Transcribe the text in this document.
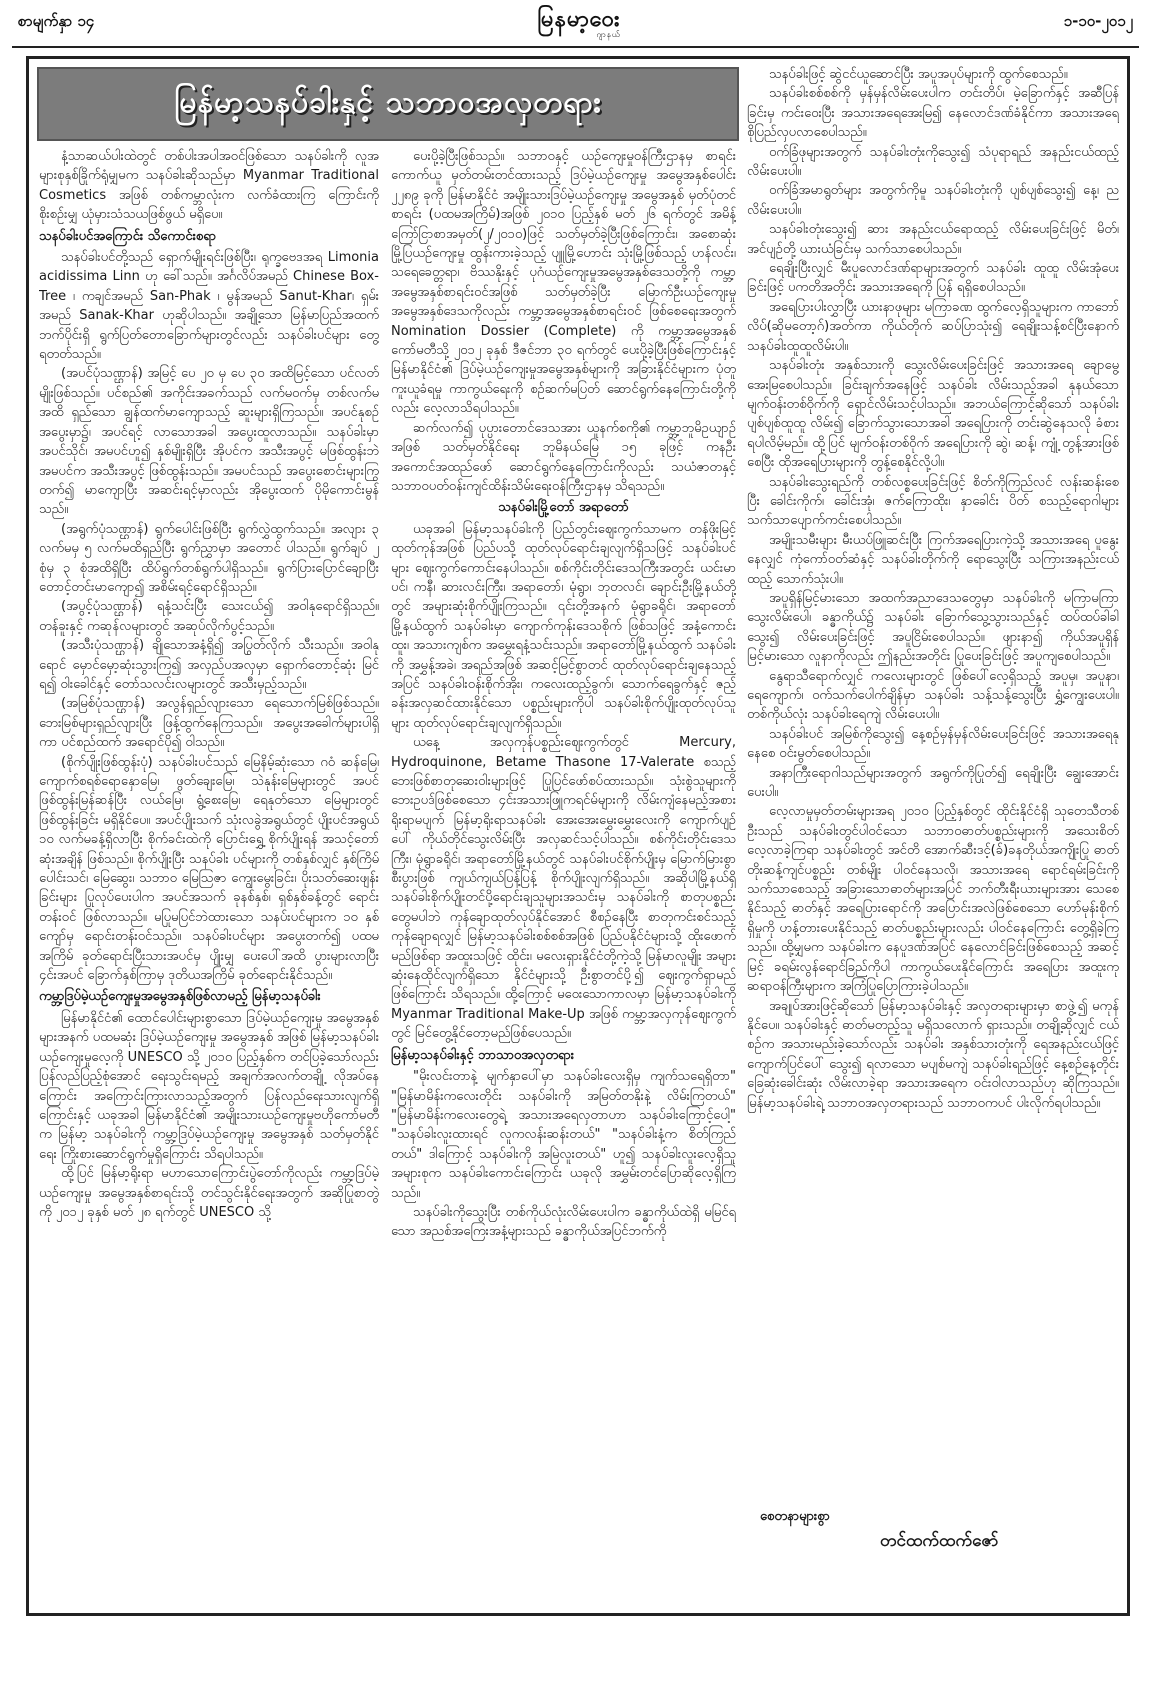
စာမျက်နှာ ၁၄	မြနမာ့ဝေး
ဂျာနယ်
၁-၁၀-၂၀၁၂
မြန်မာ့သနပ်ခါးနှင့် သဘာဝအလှတရား

နံ့သာဆယ်ပါးထဲတွင် တစ်ပါးအပါအဝင်ဖြစ်သော သနပ်ခါးကို လူအများစုနှစ်ခြိုက်ရုံမျှမက သနပ်ခါးဆိုသည်မှာ Myanmar Traditional Cosmetics အဖြစ် တစ်ကမ္ဘာလုံးက လက်ခံထားကြ ကြောင်းကို စိုးစဉ်းမျှ ယုံမှားသံသယဖြစ်ဖွယ် မရှိပေ။

သနပ်ခါးပင်အကြောင်း သိကောင်းစရာ

သနပ်ခါးပင်တို့သည် ရှောက်မျိုးရင်းဖြစ်ပြီး၊ ရုက္ခဗေဒအရ Limonia acidissima Linn ဟု ခေါ်သည်။ အင်္ဂလိပ်အမည် Chinese Box-Tree ၊ ကချင်အမည် San-Phak ၊ မွန်အမည် Sanut-Khar၊ ရှမ်းအမည် Sanak-Khar ဟုဆိုပါသည်။ အချို့သော မြန်မာပြည်အထက်ဘက်ပိုင်းရှိ ရွက်ပြတ်တောခြောက်များတွင်လည်း သနပ်ခါးပင်များ တွေ့ရတတ်သည်။

(အပင်ပုံသဏ္ဌာန်) အမြင့် ပေ ၂၀ မှ ပေ ၃၀ အထိမြင့်သော ပင်လတ်မျိုးဖြစ်သည်။ ပင်စည်၏ အကိုင်းအခက်သည် လက်မဝက်မှ တစ်လက်မအထိ ရှည်သော ချွန်ထက်မာကျောသည့် ဆူးများရှိကြသည်။ အပင်နုစဉ် အပွေးမှာ၌၊ အပင်ရင့် လာသောအခါ အပွေးထူလာသည်။ သနပ်ခါးမှာ အပင်သိုင်၊ အမပင်ဟူ၍ နှစ်မျိုးရှိပြီး အိုပင်က အသီးအပွင့် မဖြစ်ထွန်းဘဲ အမပင်က အသီးအပွင့် ဖြစ်ထွန်းသည်။ အမပင်သည် အပွေးစောင်းများကြွတက်၍ မာကျောပြီး အဆင်းရင့်မှာလည်း အိုပွေးထက် ပိုမိုကောင်းမွန်သည်။

(အရွက်ပုံသဏ္ဌာန်) ရွက်ပေါင်းဖြစ်ပြီး ရွက်လွှဲထွက်သည်။ အလျား ၃ လက်မမှ ၅ လက်မထိရှည်ပြီး ရွက်ညွှာမှာ အတောင် ပါသည်။ ရွက်ချပ် ၂ စုံမှ ၃ စုံအထိရှိပြီး ထိပ်ရွက်တစ်ရွက်ပါရှိသည်။ ရွက်ပြားပြောင်ချောပြီး တောင့်တင်းမာကျော၍ အစိမ်းရင့်ရောင်ရှိသည်။

(အပွင့်ပုံသဏ္ဌာန်) ရနံ့သင်းပြီး သေးငယ်၍ အဝါနုရောင်ရှိသည်။ တန်ခူးနှင့် ကဆုန်လများတွင် အဆုပ်လိုက်ပွင့်သည်။

(အသီးပုံသဏ္ဌာန်) ချိုသောအနံ့ရှိ၍ အပြွတ်လိုက် သီးသည်။ အဝါနုရောင် မှောင်မှော့ဆုံးသွားကြ၍ အလှည်ပအလှမှာ ရှောက်တောင့်ဆုံး မြင်ရ၍ ဝါးခေါင်နှင့် တော်သလင်းလများတွင် အသီးမှည့်သည်။

(အမြစ်ပုံသဏ္ဌာန်) အလွန်ရှည်လျားသော ရေသောက်မြစ်ဖြစ်သည်။ ဘေးမြစ်များရှည်လျားပြီး ဖြန့်ထွက်နေကြသည်။ အပွေးအခေါက်များပါရှိကာ ပင်စည်ထက် အရောင်ပို၍ ဝါသည်။

(စိုက်ပျိုးဖြစ်ထွန်းပုံ) သနပ်ခါးပင်သည် မြေနိမ့်ဆုံးသော ဂဝံ ဆန်မြေ၊ ကျောက်စရစ်ရောနှောမြေ၊ ဖွတ်ချေးမြေ၊ သဲနုန်းမြေများတွင် အပင်ဖြစ်ထွန်းမြန်ဆန်ပြီး လယ်မြေ၊ ရွံ့စေးမြေ၊ ရေနုတ်သော မြေများတွင် ဖြစ်ထွန်းခြင်း မရှိနိုင်ပေ။ အပင်ပျိုးသက် သုံးလခွဲအရွယ်တွင် ပျိုးပင်အရွယ် ၁၀ လက်မခန့်ရှိလာပြီး စိုက်ခင်းထဲကို ပြောင်းရွှေ့ စိုက်ပျိုးရန် အသင့်တော်ဆုံးအချိန် ဖြစ်သည်။ စိုက်ပျိုးပြီး သနပ်ခါး ပင်များကို တစ်နှစ်လျှင် နှစ်ကြိမ် ပေါင်းသင်၊ မြေဆွေး၊ သဘာဝ မြေသြဇာ ကျွေးမွေးခြင်း၊ ပိုးသတ်ဆေးဖျန်းခြင်းများ ပြုလုပ်ပေးပါက အပင်အသက် ခုနစ်နှစ်၊ ရှစ်နှစ်ခန့်တွင် ရောင်းတန်းဝင် ဖြစ်လာသည်။ မပြုမပြင်ဘဲထားသော သနပ်းပင်များက ၁၀ နှစ်ကျော်မှ ရောင်းတန်းဝင်သည်။ သနပ်ခါးပင်များ အပွေးတက်၍ ပထမအကြိမ် ခုတ်ရောင်းပြီးသားအပင်မှ ပျိုးမျှ ပေးပေါ်အထိ ပွားများလာပြီး ၄င်းအပင် ခြောက်နှစ်ကြာမှ ဒုတိယအကြိမ် ခုတ်ရောင်းနိုင်သည်။

ကမ္ဘာ့ဒြပ်မဲ့ယဉ်ကျေးမှုအမွေအနှစ်ဖြစ်လာမည့် မြန်မာ့သနပ်ခါး

မြန်မာနိုင်ငံ၏ ထောင်ပေါင်းများစွာသော ဒြပ်မဲ့ယဉ်ကျေးမှု အမွေအနှစ်များအနက် ပထမဆုံး ဒြပ်မဲ့ယဉ်ကျေးမှု အမွေအနှစ် အဖြစ် မြန်မာ့သနပ်ခါး ယဉ်ကျေးမှုလေ့ကို UNESCO သို့ ၂၀၁၀ ပြည့်နှစ်က တင်ပြခဲ့သော်လည်း ပြန်လည်ပြည့်စုံအောင် ရေးသွင်းရမည့် အချက်အလက်တချို့ လိုအပ်နေကြောင်း အကြောင်းကြားလာသည့်အတွက် ပြန်လည်ရေးသားလျက်ရှိကြောင်းနှင့် ယခုအခါ မြန်မာနိုင်ငံ၏ အမျိုးသားယဉ်ကျေးမှုဗဟိုကော်မတီက မြန်မာ့ သနပ်ခါးကို ကမ္ဘာ့ဒြပ်မဲ့ယဉ်ကျေးမှု အမွေအနှစ် သတ်မှတ်နိုင်ရေး ကြိုးစားဆောင်ရွက်မှုရှိကြောင်း သိရပါသည်။

ထို့ပြင် မြန်မာ့ရိုးရာ မဟာသောကြောင်းပွဲတော်ကိုလည်း ကမ္ဘာ့ဒြပ်မဲ့ယဉ်ကျေးမှု အမွေအနှစ်စာရင်းသို့ တင်သွင်းနိုင်ရေးအတွက် အဆိုပြုစာတွဲကို ၂၀၁၂ ခုနှစ် မတ် ၂၈ ရက်တွင် UNESCO သို့

ပေးပို့ခဲ့ပြီးဖြစ်သည်။ သဘာဝနှင့် ယဉ်ကျေးမှုဝန်ကြီးဌာနမှ စာရင်းကောက်ယူ မှတ်တမ်းတင်ထားသည့် ဒြပ်မဲ့ယဉ်ကျေးမှု အမွေအနှစ်ပေါင်း ၂၂၈၉ ခုကို မြန်မာနိုင်ငံ အမျိုးသားဒြပ်မဲ့ယဉ်ကျေးမှု အမွေအနှစ် မှတ်ပုံတင်စာရင်း (ပထမအကြိမ်)အဖြစ် ၂၀၁၀ ပြည့်နှစ် မတ် ၂၆ ရက်တွင် အမိန့်ကြော်ငြာစာအမှတ်(၂/၂၀၁၀)ဖြင့် သတ်မှတ်ခဲ့ပြီးဖြစ်ကြောင်း၊ အစောဆုံး မြို့ပြယဉ်ကျေးမှု ထွန်းကားခဲ့သည့် ပျူမြို့ဟောင်း သုံးမြို့ဖြစ်သည့် ဟန်လင်း၊ သရေခေတ္တရာ၊ ဗိဿနိုးနှင့် ပုဂံယဉ်ကျေးမှုအမွေအနှစ်ဒေသတို့ကို ကမ္ဘာ့အမွေအနှစ်စာရင်းဝင်အဖြစ် သတ်မှတ်ခဲ့ပြီး မြောက်ဦးယဉ်ကျေးမှု အမွေအနှစ်ဒေသကိုလည်း ကမ္ဘာ့အမွေအနှစ်စာရင်းဝင် ဖြစ်စေရေးအတွက် Nomination Dossier (Complete) ကို ကမ္ဘာ့အမွေအနှစ်ကော်မတီသို့ ၂၀၁၂ ခုနှစ် ဒီဇင်ဘာ ၃၀ ရက်တွင် ပေးပို့ခဲ့ပြီးဖြစ်ကြောင်းနှင့် မြန်မာနိုင်ငံ၏ ဒြပ်မဲ့ယဉ်ကျေးမှုအမွေအနှစ်များကို အခြားနိုင်ငံများက ပုံတူကူးယူခံရမှု ကာကွယ်ရေးကို စဉ်ဆက်မပြတ် ဆောင်ရွက်နေကြောင်းတို့ကိုလည်း လေ့လာသိရပါသည်။

ဆက်လက်၍ ပုပ္ပားတောင်ဒေသအား ယူနက်စကို၏ ကမ္ဘာ့ဘူမိဥယျာဉ်အဖြစ် သတ်မှတ်နိုင်ရေး ဘူမိနယ်မြေ ၁၅ ခုဖြင့် ကနဦးအကောင်အထည်ဖော် ဆောင်ရွက်နေကြောင်းကိုလည်း သယံဇာတနှင့် သဘာဝပတ်ဝန်းကျင်ထိန်းသိမ်းရေးဝန်ကြီးဌာနမှ သိရသည်။

သနပ်ခါးမြို့တော် အရာတော်

ယခုအခါ မြန်မာ့သနပ်ခါးကို ပြည်တွင်းဈေးကွက်သာမက တန်ဖိုးမြင့်ထုတ်ကုန်အဖြစ် ပြည်ပသို့ ထုတ်လုပ်ရောင်းချလျက်ရှိသဖြင့် သနပ်ခါးပင်များ ဈေးကွက်ကောင်းနေပါသည်။ စစ်ကိုင်းတိုင်းဒေသကြီးအတွင်း ယင်းမာပင်၊ ကနီ၊ ဆားလင်းကြီး၊ အရာတော်၊ မုံရွာ၊ ဘုတလင်၊ ချောင်းဦးမြို့နယ်တို့တွင် အများဆုံးစိုက်ပျိုးကြသည်။ ၎င်းတို့အနက် မုံရွာခရိုင်၊ အရာတော်မြို့နယ်ထွက် သနပ်ခါးမှာ ကျောက်ကုန်းဒေသစိုက် ဖြစ်သဖြင့် အနံ့ကောင်း ထူး၊ အသားကျစ်က အမွှေးရနံ့သင်းသည်။ အရာတော်မြို့နယ်ထွက် သနပ်ခါးကို အမွှန့်အခဲ၊ အရည်အဖြစ် အဆင့်မြင့်စွာတင် ထုတ်လုပ်ရောင်းချနေသည့်အပြင် သနပ်ခါးဝန်းစိုက်အိုး၊ ကလေးထည့်ခွက်၊ သောက်ရေခွက်နှင့် ဇည့်ခန်းအလှဆင်ထားနိုင်သော ပစ္စည်းများကိုပါ သနပ်ခါးစိုက်ပျိုးထုတ်လုပ်သူများ ထုတ်လုပ်ရောင်းချလျက်ရှိသည်။

ယနေ့ အလှကုန်ပစ္စည်းဈေးကွက်တွင် Mercury, Hydroquinone, Betame Thasone 17-Valerate စသည့် ဘေးဖြစ်စာတုဆေးဝါးများဖြင့် ပြုပြင်ဖော်စပ်ထားသည်။ သုံးစွဲသူများကို ဘေးဥပဒ်ဖြစ်စေသော ၄င်းအသားဖြူကရင်မ်များကို လိမ်းကျံနေမည့်အစား ရိုးရာမပျက် မြန်မာ့ရိုးရာသနပ်ခါး အေးအေးမွှေးမွှေးလေးကို ကျောက်ပျဉ်ပေါ် ကိုယ်တိုင်သွေးလိမ်းပြီး အလှဆင်သင့်ပါသည်။ စစ်ကိုင်းတိုင်းဒေသကြီး၊ မုံရွာခရိုင်၊ အရာတော်မြို့နယ်တွင် သနပ်ခါးပင်စိုက်ပျိုးမှ မြောက်မြားစွာ စီးပွားဖြစ် ကျယ်ကျယ်ပြန့်ပြန့် စိုက်ပျိုးလျက်ရှိသည်။ အဆိုပါမြို့နယ်ရှိ သနပ်ခါးစိုက်ပျိုးတင်ပို့ရောင်းချသူများအသင်းမှ သနပ်ခါးကို စာတုပစ္စည်းတွေမပါဘဲ ကုန်ချောထုတ်လုပ်နိုင်အောင် စီစဉ်နေပြီး စာတုကင်းစင်သည့် ကုန်ချောရလျှင် မြန်မာ့သနပ်ခါးစစ်စစ်အဖြစ် ပြည်ပနိုင်ငံများသို့ ထိုးဖောက်မည်ဖြစ်ရာ အထူးသဖြင့် ထိုင်း၊ မလေးရှားနိုင်ငံတို့ကဲ့သို့ မြန်မာလူမျိုး အများဆုံးနေထိုင်လျက်ရှိသော နိုင်ငံများသို့ ဦးစွာတင်ပို့၍ ဈေးကွက်ရှာမည်ဖြစ်ကြောင်း သိရသည်။ ထို့ကြောင့် မဝေးသောကာလမှာ မြန်မာ့သနပ်ခါးကို Myanmar Traditional Make-Up အဖြစ် ကမ္ဘာ့အလှကုန်ဈေးကွက်တွင် မြင်တွေ့နိုင်တော့မည်ဖြစ်ပေသည်။

မြန်မာ့သနပ်ခါးနှင့် ဘာသာဝအလှတရား

"မိုးလင်းတာနဲ့ မျက်နှာပေါ်မှာ သနပ်ခါးလေးရှိမှ ကျက်သရေရှိတာ" "မြန်မာမိန်းကလေးတိုင်း သနပ်ခါးကို အမြတ်တနိုးနဲ့ လိမ်းကြတယ်" "မြန်မာမိန်းကလေးတွေရဲ့ အသားအရေလှတာဟာ သနပ်ခါးကြောင့်ပေါ့" "သနပ်ခါးလူးထားရင် လူကလန်းဆန်းတယ်" "သနပ်ခါးနံ့က စိတ်ကြည်တယ်" ဒါကြောင့် သနပ်ခါးကို အမြဲလူးတယ်" ဟူ၍ သနပ်ခါးလူးလေ့ရှိသူ အများစုက သနပ်ခါးကောင်းကြောင်း ယခုလို အမွှမ်းတင်ပြောဆိုလေ့ရှိကြသည်။

သနပ်ခါးကိုသွေးပြီး တစ်ကိုယ်လုံးလိမ်းပေးပါက ခန္ဓာကိုယ်ထဲရှိ မမြင်ရသော အညစ်အကြေးအနံ့များသည် ခန္ဓာကိုယ်အပြင်ဘက်ကို

သနပ်ခါးဖြင့် ဆွဲငင်ယူဆောင်ပြီး အပူအပုပ်များကို ထွက်စေသည်။

သနပ်ခါးစစ်စစ်ကို မှန်မှန်လိမ်းပေးပါက တင်းတိပ်၊ မဲ့ခြောက်နှင့် အဆီပြန်ခြင်းမှ ကင်းဝေးပြီး အသားအရေအေးမြ၍ နေလောင်ဒဏ်ခံနိုင်ကာ အသားအရေ စိုပြည်လှပလာစေပါသည်။

ဝက်ခြံဖုများအတွက် သနပ်ခါးတုံးကိုသွေး၍ သံပုရာရည် အနည်းငယ်ထည့် လိမ်းပေးပါ။

ဝက်ခြံအမာရွတ်များ အတွက်ကိုမူ သနပ်ခါးတုံးကို ပျစ်ပျစ်သွေး၍ နေ့၊ ည လိမ်းပေးပါ။

သနပ်ခါးတုံးသွေး၍ ဆား အနည်းငယ်ရောထည့် လိမ်းပေးခြင်းဖြင့် မိတ်၊ အင်ပျဉ်တို့ ယားယံခြင်းမှ သက်သာစေပါသည်။

ရေချိုးပြီးလျှင် မီးပူလောင်ဒဏ်ရာများအတွက် သနပ်ခါး ထူထူ လိမ်းအုံပေးခြင်းဖြင့် ပကတိအတိုင်း အသားအရေကို ပြန် ရရှိစေပါသည်။

အရေပြားပါးလွှာပြီး ယားနာဖုများ မကြာခဏ ထွက်လေ့ရှိသူများက ကာဘော်လိပ်(ဆိုမတော့ဂ်)အတ်ကာ ကိုယ်တိုက် ဆပ်ပြာသုံး၍ ရေချိုးသန့်စင်ပြီးနောက် သနပ်ခါးထူထူလိမ်းပါ။

သနပ်ခါးတုံး အနှစ်သားကို သွေးလိမ်းပေးခြင်းဖြင့် အသားအရေ ချောမွေ့အေးမြစေပါသည်။ ခြင်းချက်အနေဖြင့် သနပ်ခါး လိမ်းသည့်အခါ နုနယ်သောမျက်ဝန်းတစ်ဝိုက်ကို ရှောင်လိမ်းသင့်ပါသည်။ အဘယ်ကြောင့်ဆိုသော် သနပ်ခါးပျစ်ပျစ်ထူထူ လိမ်း၍ ခြောက်သွားသောအခါ အရေပြားကို တင်းဆွဲနေသလို ခံစားရပါလိမ့်မည်။ ထို့ပြင် မျက်ဝန်းတစ်ဝိုက် အရေပြားကို ဆွဲ၊ ဆန့်၊ ကျုံ့ တွန့်အားဖြစ်စေပြီး ထိုအရေပြားများကို တွန့်စေနိုင်လို့ပါ။

သနပ်ခါးသွေးရည်ကို တစ်လစ္စပေးခြင်းဖြင့် စိတ်ကိုကြည်လင် လန်းဆန်းစေပြီး ခေါင်းကိုက်၊ ခေါင်းအုံ၊ ဇက်ကြောထိုး၊ နှာခေါင်း ပိတ် စသည့်ရောဂါများ သက်သာပျောက်ကင်းစေပါသည်။

အမျိုးသမီးများ မီးယပ်ဖြူဆင်းပြီး ကြက်အရေပြားကဲ့သို့ အသားအရေ ပူနွေးနေလျှင် ကုံကော်ဝတ်ဆံနှင့် သနပ်ခါးတိုက်ကို ရောသွေးပြီး သကြားအနည်းငယ်ထည့် သောက်သုံးပါ။

အပူရှိန်မြင့်မားသော အထက်အညာဒေသတွေမှာ သနပ်ခါးကို မကြာမကြာ သွေးလိမ်းပေါ၊ ခန္ဓာကိုယ်၌ သနပ်ခါး ခြောက်သွေ့သွားသည်နှင့် ထပ်ထပ်ခါခါသွေး၍ လိမ်းပေးခြင်းဖြင့် အပူငြိမ်းစေပါသည်။ ဖျားနာ၍ ကိုယ်အပူရှိန်မြင့်မားသော လူနာကိုလည်း ဤနည်းအတိုင်း ပြုပေးခြင်းဖြင့် အပူကျစေပါသည်။

နွေရာသီရောက်လျှင် ကလေးများတွင် ဖြစ်ပေါ်လေ့ရှိသည့် အပူမှ၊ အပူနာ၊ ရေကျောက်၊ ဝက်သက်ပေါက်ချိန်မှာ သနပ်ခါး သန့်သန့်သွေးပြီး ရွှံ့ကျွေးပေးပါ။ တစ်ကိုယ်လုံး သနပ်ခါးရေကျဲ လိမ်းပေးပါ။

သနပ်ခါးပင် အမြစ်ကိုသွေး၍ နေ့စဉ်မှန်မှန်လိမ်းပေးခြင်းဖြင့် အသားအရေနုနေစေ ဝင်းမွတ်စေပါသည်။

အနာကြီးရောဂါသည်များအတွက် အရွက်ကိုပြုတ်၍ ရေချိုးပြီး ချွေးအောင်းပေးပါ။

လေ့လာမှုမှတ်တမ်းများအရ ၂၀၁၀ ပြည့်နှစ်တွင် ထိုင်းနိုင်ငံရှိ သုတေသီတစ်ဦးသည် သနပ်ခါးတွင်ပါဝင်သော သဘာဝဓာတ်ပစ္စည်းများကို အသေးစိတ် လေ့လာခဲ့ကြရာ သနပ်ခါးတွင် အင်တိ အောက်ဆီးဒင့်(ခ်)ခနတိုယ်အကျိုးပြု ဓာတ်တိုးဆန့်ကျင်ပစ္စည်း တစ်မျိုး ပါဝင်နေသလို၊ အသားအရေ ရောင်ရမ်းခြင်းကို သက်သာစေသည့် အခြားသောဓာတ်များအပြင် ဘက်တီးရီးယားများအား သေစေနိုင်သည့် ဓာတ်နှင့် အရေပြားရောင်ကို အပြောင်းအလဲဖြစ်စေသော ဟော်မုန်းစိုက်ရှိမှုကို ဟန့်တားပေးနိုင်သည့် ဓာတ်ပစ္စည်းများလည်း ပါဝင်နေကြောင်း တွေ့ရှိခဲ့ကြသည်။ ထို့မျှမက သနပ်ခါးက နေပူဒဏ်အပြင် နေလောင်ခြင်းဖြစ်စေသည့် အဆင့်မြင့် ခရမ်းလွန်ရောင်ခြည်ကိုပါ ကာကွယ်ပေးနိုင်ကြောင်း အရေပြား အထူးကုဆရာဝန်ကြီးများက အကြံပြုပြောကြားခဲ့ပါသည်။

အချုပ်အားဖြင့်ဆိုသော် မြန်မာ့သနပ်ခါးနှင့် အလှတရားများမှာ စာဖွဲ့၍ မကုန်နိုင်ပေ။ သနပ်ခါးနှင့် ဓာတ်မတည့်သူ မရှိသလောက် ရှားသည်။ တချို့ဆိုလျှင် ငယ်စဉ်က အသားမည်းခဲ့သော်လည်း သနပ်ခါး အနှစ်သားတုံးကို ရေအနည်းငယ်ဖြင့် ကျောက်ပြင်ပေါ် သွေး၍ ရလာသော မပျစ်မကျဲ သနပ်ခါးရည်ဖြင့် နေ့စဉ်နေ့တိုင်း ခြေဆုံးခေါင်းဆုံး လိမ်းလာခဲ့ရာ အသားအရေက ဝင်းဝါလာသည်ဟု ဆိုကြသည်။ မြန်မာ့သနပ်ခါးရဲ့ သဘာဝအလှတရားသည် သဘာဝကပင် ပါးလိုက်ရပါသည်။

စေတနာများစွာ
တင်ထက်ထက်ဇော်
